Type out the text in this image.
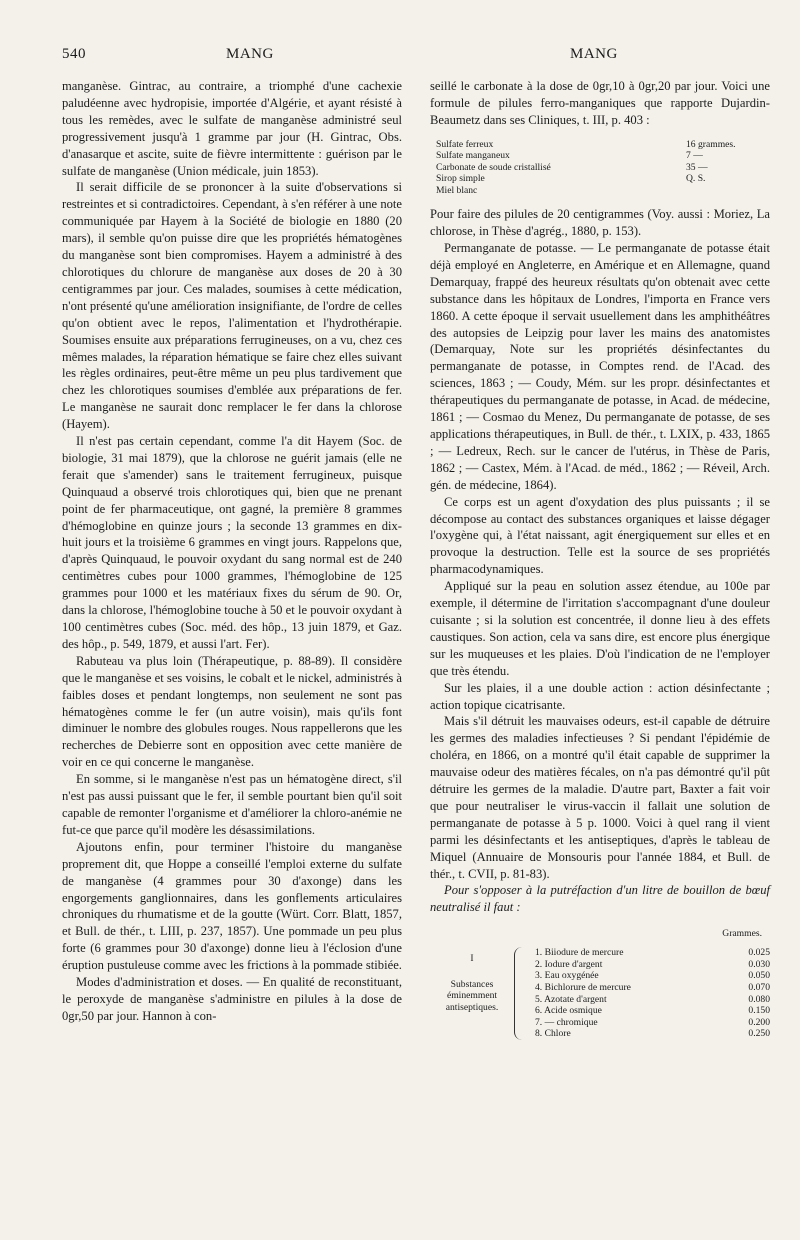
540	MANG	MANG

manganèse. Gintrac, au contraire, a triomphé d'une cachexie paludéenne avec hydropisie, importée d'Algérie, et ayant résisté à tous les remèdes, avec le sulfate de manganèse administré seul progressivement jusqu'à 1 gramme par jour (H. Gintrac, Obs. d'anasarque et ascite, suite de fièvre intermittente : guérison par le sulfate de manganèse (Union médicale, juin 1853).

Il serait difficile de se prononcer à la suite d'observations si restreintes et si contradictoires. Cependant, à s'en référer à une note communiquée par Hayem à la Société de biologie en 1880 (20 mars), il semble qu'on puisse dire que les propriétés hématogènes du manganèse sont bien compromises. Hayem a administré à des chlorotiques du chlorure de manganèse aux doses de 20 à 30 centigrammes par jour. Ces malades, soumises à cette médication, n'ont présenté qu'une amélioration insignifiante, de l'ordre de celles qu'on obtient avec le repos, l'alimentation et l'hydrothérapie. Soumises ensuite aux préparations ferrugineuses, on a vu, chez ces mêmes malades, la réparation hématique se faire chez elles suivant les règles ordinaires, peut-être même un peu plus tardivement que chez les chlorotiques soumises d'emblée aux préparations de fer. Le manganèse ne saurait donc remplacer le fer dans la chlorose (Hayem).

Il n'est pas certain cependant, comme l'a dit Hayem (Soc. de biologie, 31 mai 1879), que la chlorose ne guérit jamais (elle ne ferait que s'amender) sans le traitement ferrugineux, puisque Quinquaud a observé trois chlorotiques qui, bien que ne prenant point de fer pharmaceutique, ont gagné, la première 8 grammes d'hémoglobine en quinze jours ; la seconde 13 grammes en dix-huit jours et la troisième 6 grammes en vingt jours. Rappelons que, d'après Quinquaud, le pouvoir oxydant du sang normal est de 240 centimètres cubes pour 1000 grammes, l'hémoglobine de 125 grammes pour 1000 et les matériaux fixes du sérum de 90. Or, dans la chlorose, l'hémoglobine touche à 50 et le pouvoir oxydant à 100 centimètres cubes (Soc. méd. des hôp., 13 juin 1879, et Gaz. des hôp., p. 549, 1879, et aussi l'art. Fer).

Rabuteau va plus loin (Thérapeutique, p. 88-89). Il considère que le manganèse et ses voisins, le cobalt et le nickel, administrés à faibles doses et pendant longtemps, non seulement ne sont pas hématogènes comme le fer (un autre voisin), mais qu'ils font diminuer le nombre des globules rouges. Nous rappellerons que les recherches de Debierre sont en opposition avec cette manière de voir en ce qui concerne le manganèse.

En somme, si le manganèse n'est pas un hématogène direct, s'il n'est pas aussi puissant que le fer, il semble pourtant bien qu'il soit capable de remonter l'organisme et d'améliorer la chloro-anémie ne fut-ce que parce qu'il modère les désassimilations.

Ajoutons enfin, pour terminer l'histoire du manganèse proprement dit, que Hoppe a conseillé l'emploi externe du sulfate de manganèse (4 grammes pour 30 d'axonge) dans les engorgements ganglionnaires, dans les gonflements articulaires chroniques du rhumatisme et de la goutte (Würt. Corr. Blatt, 1857, et Bull. de thér., t. LIII, p. 237, 1857). Une pommade un peu plus forte (6 grammes pour 30 d'axonge) donne lieu à l'éclosion d'une éruption pustuleuse comme avec les frictions à la pommade stibiée.

Modes d'administration et doses. — En qualité de reconstituant, le peroxyde de manganèse s'administre en pilules à la dose de 0gr,50 par jour. Hannon à con-

seillé le carbonate à la dose de 0gr,10 à 0gr,20 par jour. Voici une formule de pilules ferro-manganiques que rapporte Dujardin-Beaumetz dans ses Cliniques, t. III, p. 403 :

Sulfate ferreux	16 grammes.
Sulfate manganeux	7 —
Carbonate de soude cristallisé	35 —
Sirop simple	Q. S.
Miel blanc	

Pour faire des pilules de 20 centigrammes (Voy. aussi : Moriez, La chlorose, in Thèse d'agrég., 1880, p. 153).

Permanganate de potasse. — Le permanganate de potasse était déjà employé en Angleterre, en Amérique et en Allemagne, quand Demarquay, frappé des heureux résultats qu'on obtenait avec cette substance dans les hôpitaux de Londres, l'importa en France vers 1860. A cette époque il servait usuellement dans les amphithéâtres des autopsies de Leipzig pour laver les mains des anatomistes (Demarquay, Note sur les propriétés désinfectantes du permanganate de potasse, in Comptes rend. de l'Acad. des sciences, 1863 ; — Coudy, Mém. sur les propr. désinfectantes et thérapeutiques du permanganate de potasse, in Acad. de médecine, 1861 ; — Cosmao du Menez, Du permanganate de potasse, de ses applications thérapeutiques, in Bull. de thér., t. LXIX, p. 433, 1865 ; — Ledreux, Rech. sur le cancer de l'utérus, in Thèse de Paris, 1862 ; — Castex, Mém. à l'Acad. de méd., 1862 ; — Réveil, Arch. gén. de médecine, 1864).

Ce corps est un agent d'oxydation des plus puissants ; il se décompose au contact des substances organiques et laisse dégager l'oxygène qui, à l'état naissant, agit énergiquement sur elles et en provoque la destruction. Telle est la source de ses propriétés pharmacodynamiques.

Appliqué sur la peau en solution assez étendue, au 100e par exemple, il détermine de l'irritation s'accompagnant d'une douleur cuisante ; si la solution est concentrée, il donne lieu à des effets caustiques. Son action, cela va sans dire, est encore plus énergique sur les muqueuses et les plaies. D'où l'indication de ne l'employer que très étendu.

Sur les plaies, il a une double action : action désinfectante ; action topique cicatrisante.

Mais s'il détruit les mauvaises odeurs, est-il capable de détruire les germes des maladies infectieuses ? Si pendant l'épidémie de choléra, en 1866, on a montré qu'il était capable de supprimer la mauvaise odeur des matières fécales, on n'a pas démontré qu'il pût détruire les germes de la maladie. D'autre part, Baxter a fait voir que pour neutraliser le virus-vaccin il fallait une solution de permanganate de potasse à 5 p. 1000. Voici à quel rang il vient parmi les désinfectants et les antiseptiques, d'après le tableau de Miquel (Annuaire de Monsouris pour l'année 1884, et Bull. de thér., t. CVII, p. 81-83).

Pour s'opposer à la putréfaction d'un litre de bouillon de bœuf neutralisé il faut :

Grammes.
I
Substances éminemment antiseptiques.
1. Biiodure de mercure	0.025
2. Iodure d'argent	0.030
3. Eau oxygénée	0.050
4. Bichlorure de mercure	0.070
5. Azotate d'argent	0.080
6. Acide osmique	0.150
7. — chromique	0.200
8. Chlore	0.250
